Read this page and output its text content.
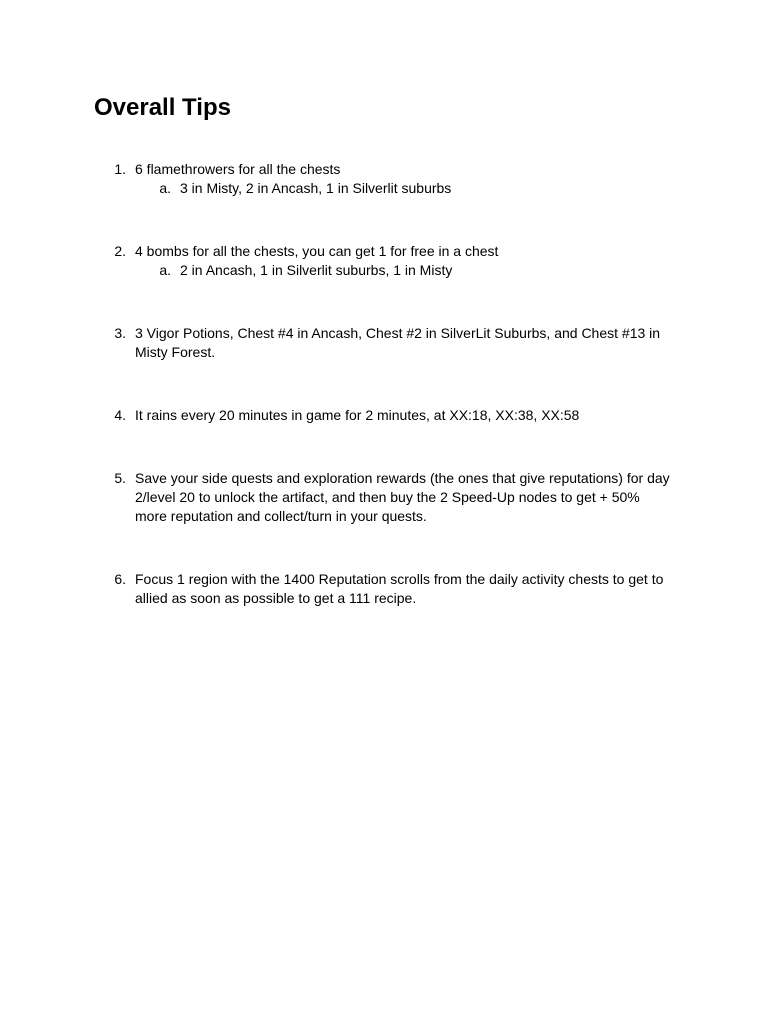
Overall Tips
1. 6 flamethrowers for all the chests
a. 3 in Misty, 2 in Ancash, 1 in Silverlit suburbs
2. 4 bombs for all the chests, you can get 1 for free in a chest
a. 2 in Ancash, 1 in Silverlit suburbs, 1 in Misty
3. 3 Vigor Potions, Chest #4 in Ancash, Chest #2 in SilverLit Suburbs, and Chest #13 in Misty Forest.
4. It rains every 20 minutes in game for 2 minutes, at XX:18, XX:38, XX:58
5. Save your side quests and exploration rewards (the ones that give reputations) for day 2/level 20 to unlock the artifact, and then buy the 2 Speed-Up nodes to get + 50% more reputation and collect/turn in your quests.
6. Focus 1 region with the 1400 Reputation scrolls from the daily activity chests to get to allied as soon as possible to get a 111 recipe.
